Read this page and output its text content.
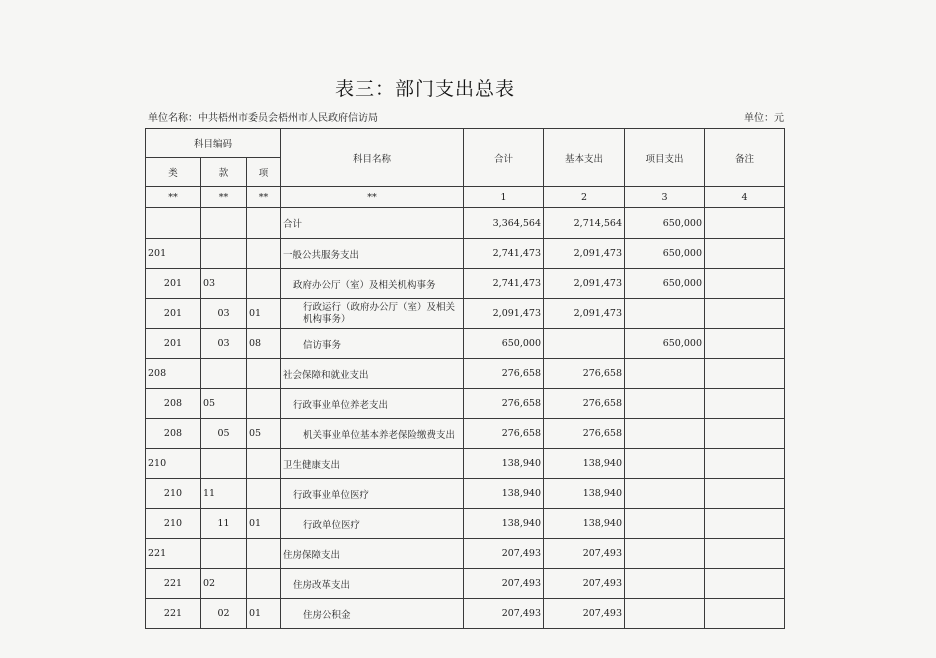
表三：部门支出总表
单位名称：中共梧州市委员会梧州市人民政府信访局	单位：元
科目编码			科目名称	合计	基本支出	项目支出	备注
类	款	项					
**	**	**	**	1	2	3	4
			合计	3,364,564	2,714,564	650,000	
201			一般公共服务支出	2,741,473	2,091,473	650,000	
201	03		政府办公厅（室）及相关机构事务	2,741,473	2,091,473	650,000	
201	03	01	行政运行（政府办公厅（室）及相关机构事务）	2,091,473	2,091,473		
201	03	08	信访事务	650,000		650,000	
208			社会保障和就业支出	276,658	276,658		
208	05		行政事业单位养老支出	276,658	276,658		
208	05	05	机关事业单位基本养老保险缴费支出	276,658	276,658		
210			卫生健康支出	138,940	138,940		
210	11		行政事业单位医疗	138,940	138,940		
210	11	01	行政单位医疗	138,940	138,940		
221			住房保障支出	207,493	207,493		
221	02		住房改革支出	207,493	207,493		
221	02	01	住房公积金	207,493	207,493		
